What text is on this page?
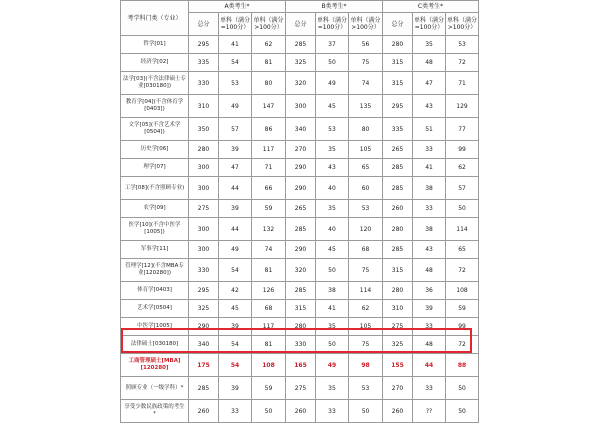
考学科门类（专业）	A类考生*			B类考生*			C类考生*		
	总分	单科（满分=100分）	单科（满分>100分）	总分	单科（满分=100分）	单科（满分>100分）	总分	单科（满分=100分）	单科（满分>100分）
哲学[01]	295	41	62	285	37	56	280	35	53
经济学[02]	335	54	81	325	50	75	315	48	72
法学[03](不含法律硕士专业[030180])	330	53	80	320	49	74	315	47	71
教育学[04](不含体育学[0403])	310	49	147	300	45	135	295	43	129
文学[05](不含艺术学[0504])	350	57	86	340	53	80	335	51	77
历史学[06]	280	39	117	270	35	105	265	33	99
理学[07]	300	47	71	290	43	65	285	41	62
工学[08](不含照顾专业)	300	44	66	290	40	60	285	38	57
农学[09]	275	39	59	265	35	53	260	33	50
医学[10](不含中医学[1005])	300	44	132	285	40	120	280	38	114
军事学[11]	300	49	74	290	45	68	285	43	65
管理学[12](不含MBA专业[120280])	330	54	81	320	50	75	315	48	72
体育学[0403]	295	42	126	285	38	114	280	36	108
艺术学[0504]	325	45	68	315	41	62	310	39	59
中医学[1005]	290	39	117	280	35	105	275	33	99
法律硕士[030180]	340	54	81	330	50	75	325	48	72
工商管理硕士[MBA][120280]	175	54	108	165	49	98	155	44	88
照顾专业（一级学科）*	285	39	59	275	35	53	270	33	50
享受少数民族政策的考生*	260	33	50	260	33	50	260	??	50
